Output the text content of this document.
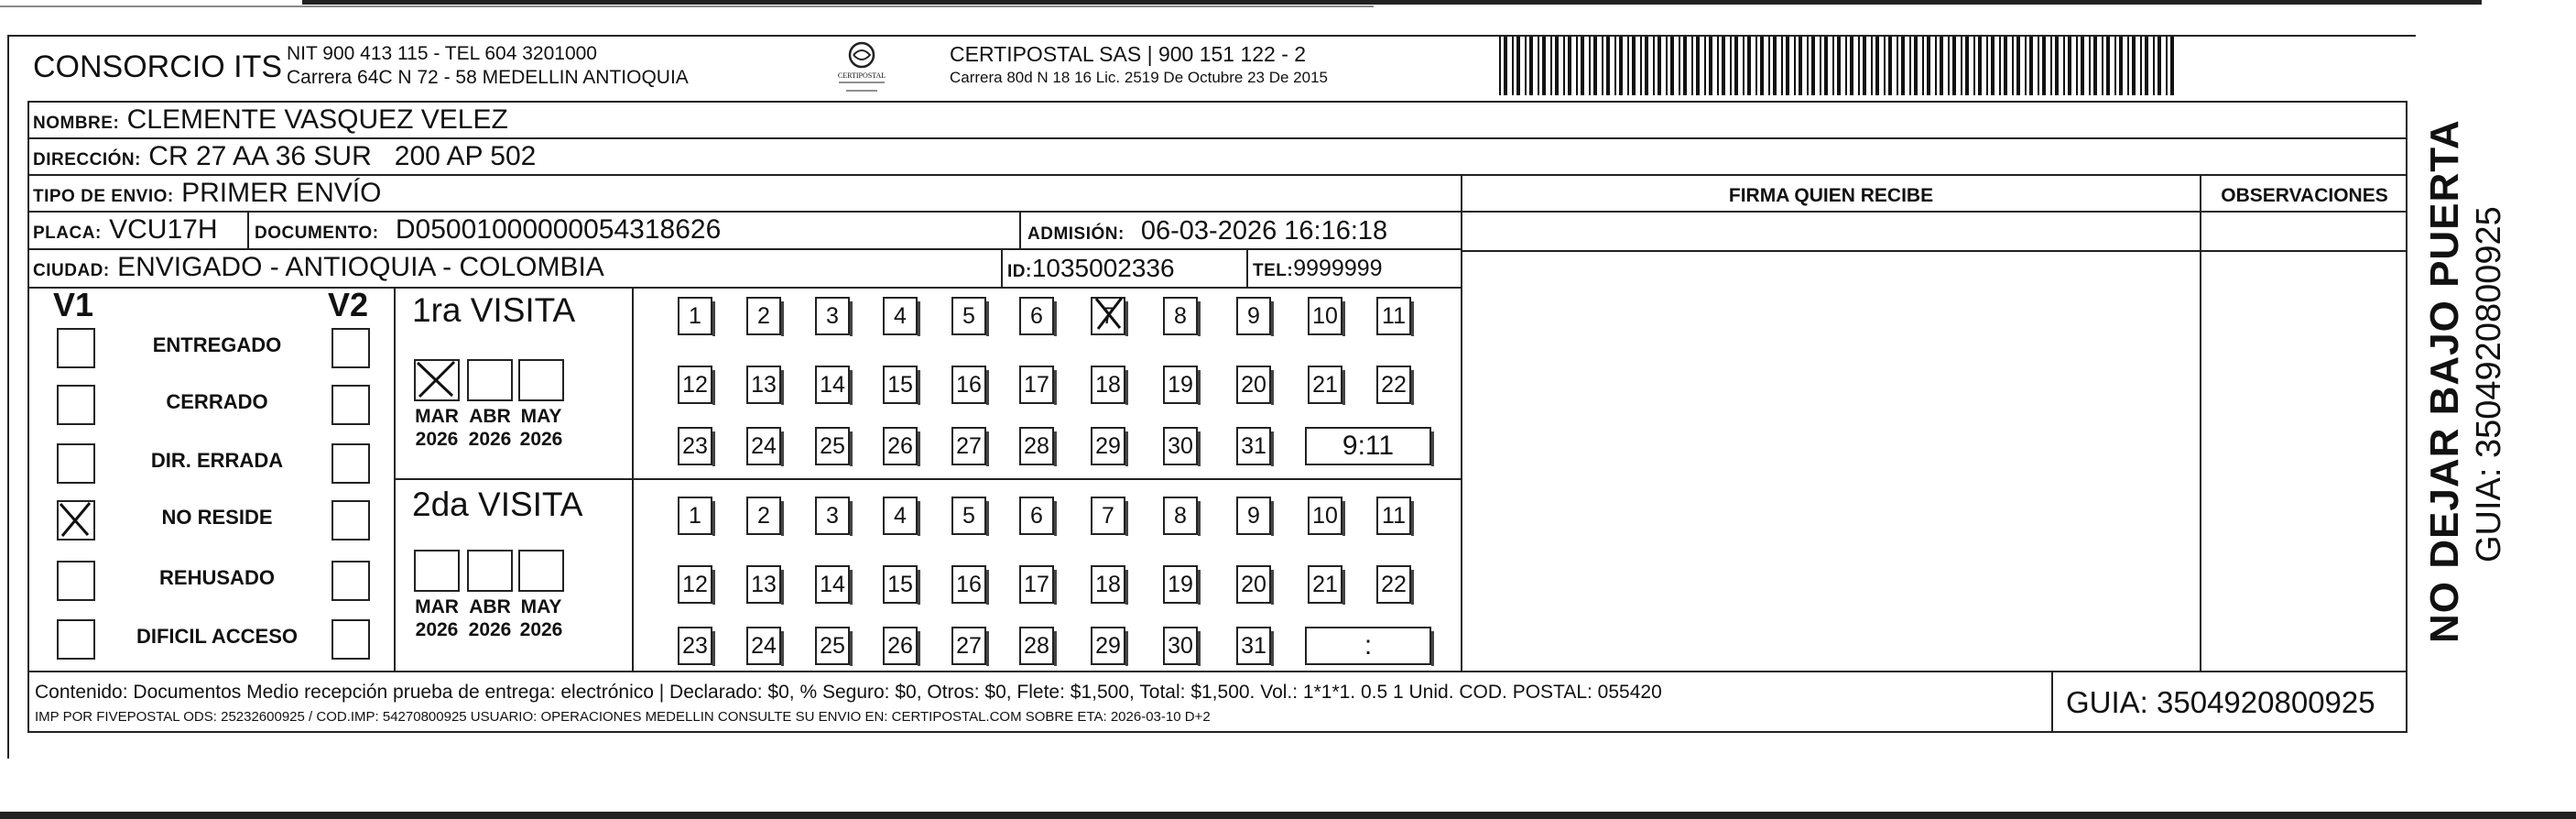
CONSORCIO ITS NIT 900 413 115 - TEL 604 3201000
Carrera 64C N 72 - 58 MEDELLIN ANTIOQUIA	CERTIPOSTAL
CERTIPOSTAL SAS | 900 151 122 - 2
Carrera 80d N 18 16 Lic. 2519 De Octubre 23 De 2015
NOMBRE: CLEMENTE VASQUEZ VELEZ
DIRECCIÓN: CR 27 AA 36 SUR   200 AP 502
TIPO DE ENVIO: PRIMER ENVÍO	FIRMA QUIEN RECIBE	OBSERVACIONES
PLACA: VCU17H DOCUMENTO: D05001000000054318626	ADMISIÓN: 06-03-2026 16:16:18
CIUDAD: ENVIGADO - ANTIOQUIA - COLOMBIA	ID:1035002336	TEL:9999999
V1	V2 1ra VISITA
2da VISITA
Contenido: Documentos Medio recepción prueba de entrega: electrónico | Declarado: $0, % Seguro: $0, Otros: $0, Flete: $1,500, Total: $1,500. Vol.: 1*1*1. 0.5 1 Unid. COD. POSTAL: 055420
IMP POR FIVEPOSTAL ODS: 25232600925 / COD.IMP: 54270800925 USUARIO: OPERACIONES MEDELLIN CONSULTE SU ENVIO EN: CERTIPOSTAL.COM SOBRE ETA: 2026-03-10 D+2	GUIA: 3504920800925
NO DEJAR BAJO PUERTA GUIA: 3504920800925
ENTREGADO
CERRADO
DIR. ERRADA
NO RESIDE
REHUSADO
DIFICIL ACCESO
MAR
2026
ABR
2026
MAY
2026
1	2	3	4	5	6	7	8	9	10 11
12 13 14 15 16 17 18 19 20 21 22
23 24 25 26 27 28 29 30 31	9:11
MAR
2026
ABR
2026
MAY
2026
1	2	3	4	5	6	7	8	9	10 11
12 13 14 15 16 17 18 19 20 21 22
23 24 25 26 27 28 29 30 31	:
